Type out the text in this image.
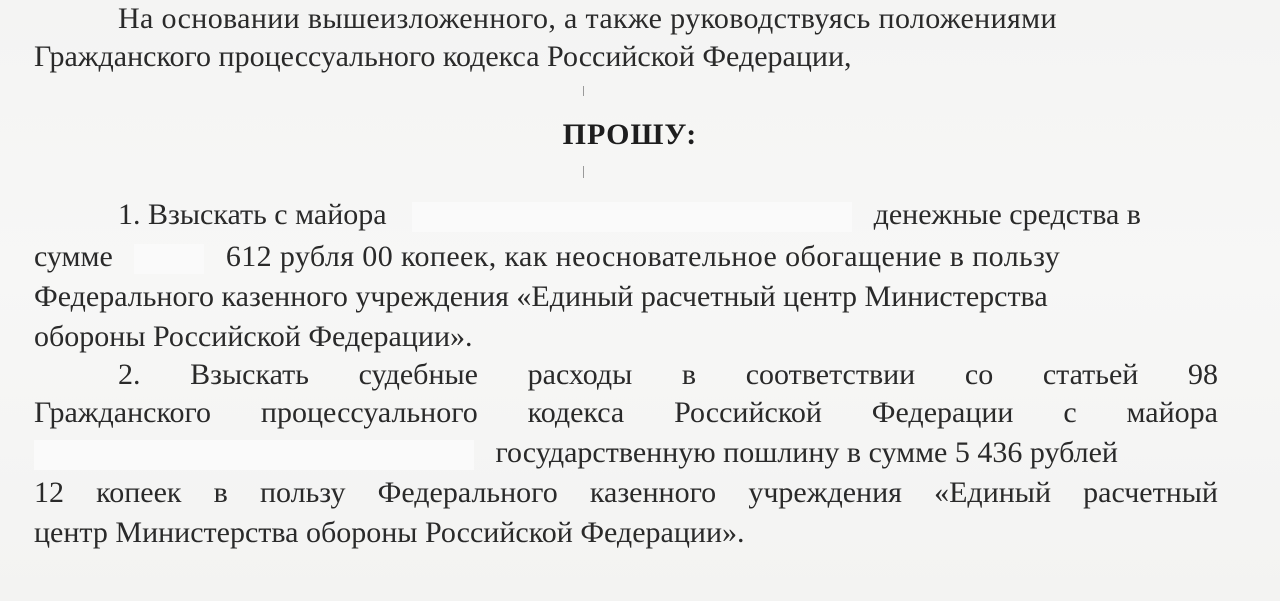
На основании вышеизложенного, а также руководствуясь положениями
Гражданского процессуального кодекса Российской Федерации,
ПРОШУ:
1. Взыскать с майора	денежные средства в
сумме	612 рубля 00 копеек, как неосновательное обогащение в пользу
Федерального казенного учреждения «Единый расчетный центр Министерства
обороны Российской Федерации».
2. Взыскать судебные расходы в соответствии со статьей 98
Гражданского процессуального кодекса Российской Федерации с майора
государственную пошлину в сумме 5 436 рублей
12 копеек в пользу Федерального казенного учреждения «Единый расчетный
центр Министерства обороны Российской Федерации».
